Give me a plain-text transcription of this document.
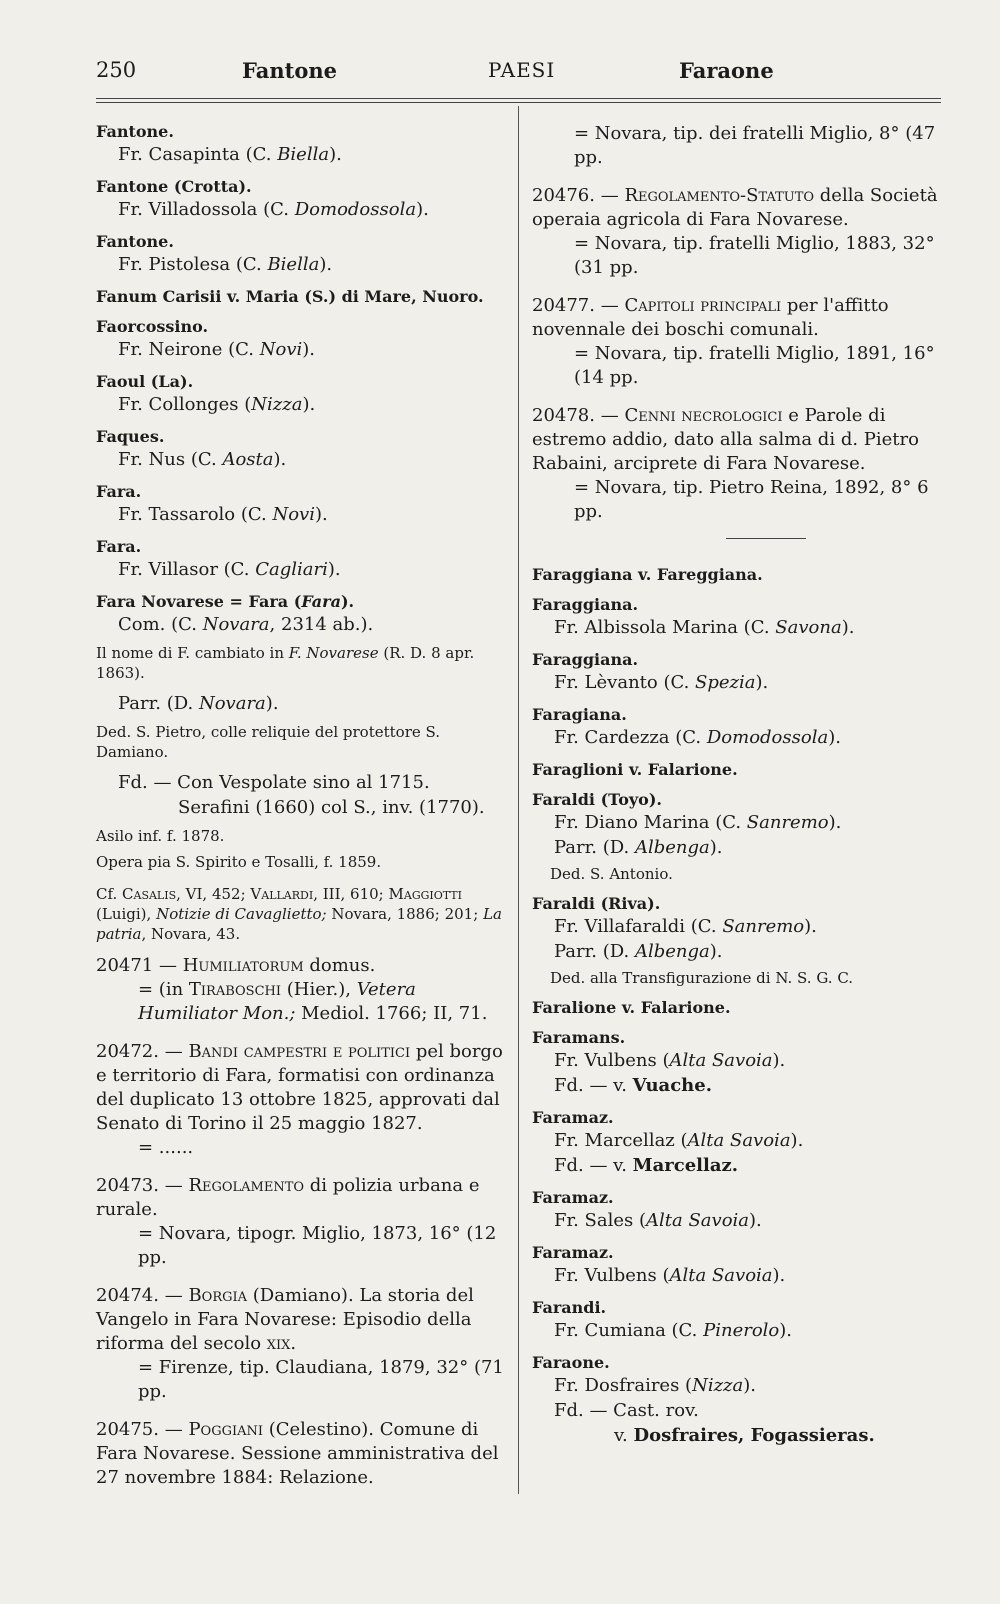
250	Fantone	PAESI	Faraone
Fantone.
Fr. Casapinta (C. Biella).
Fantone (Crotta).
Fr. Villadossola (C. Domodossola).
Fantone.
Fr. Pistolesa (C. Biella).
Fanum Carisii v. Maria (S.) di Mare, Nuoro.
Faorcossino.
Fr. Neirone (C. Novi).
Faoul (La).
Fr. Collonges (Nizza).
Faques.
Fr. Nus (C. Aosta).
Fara.
Fr. Tassarolo (C. Novi).
Fara.
Fr. Villasor (C. Cagliari).
Fara Novarese = Fara (Fara).
Com. (C. Novara, 2314 ab.).
Il nome di F. cambiato in F. Novarese (R. D. 8 apr. 1863).
Parr. (D. Novara).
Ded. S. Pietro, colle reliquie del protettore S. Damiano.
Fd. — Con Vespolate sino al 1715.
Serafini (1660) col S., inv. (1770).
Asilo inf. f. 1878.
Opera pia S. Spirito e Tosalli, f. 1859.
Cf. Casalis, VI, 452; Vallardi, III, 610; Maggiotti (Luigi), Notizie di Cavaglietto; Novara, 1886; 201; La patria, Novara, 43.
20471 — Humiliatorum domus.
= (in Tiraboschi (Hier.), Vetera Humiliator Mon.; Mediol. 1766; II, 71.
20472. — Bandi campestri e politici pel borgo e territorio di Fara, formatisi con ordinanza del duplicato 13 ottobre 1825, approvati dal Senato di Torino il 25 maggio 1827.
= ......
20473. — Regolamento di polizia urbana e rurale.
= Novara, tipogr. Miglio, 1873, 16° (12 pp.
20474. — Borgia (Damiano). La storia del Vangelo in Fara Novarese: Episodio della riforma del secolo xix.
= Firenze, tip. Claudiana, 1879, 32° (71 pp.
20475. — Poggiani (Celestino). Comune di Fara Novarese. Sessione amministrativa del 27 novembre 1884: Relazione.
= Novara, tip. dei fratelli Miglio, 8° (47 pp.
20476. — Regolamento-Statuto della Società operaia agricola di Fara Novarese.
= Novara, tip. fratelli Miglio, 1883, 32° (31 pp.
20477. — Capitoli principali per l'affitto novennale dei boschi comunali.
= Novara, tip. fratelli Miglio, 1891, 16° (14 pp.
20478. — Cenni necrologici e Parole di estremo addio, dato alla salma di d. Pietro Rabaini, arciprete di Fara Novarese.
= Novara, tip. Pietro Reina, 1892, 8° 6 pp.
Faraggiana v. Fareggiana.
Faraggiana.
Fr. Albissola Marina (C. Savona).
Faraggiana.
Fr. Lèvanto (C. Spezia).
Faragiana.
Fr. Cardezza (C. Domodossola).
Faraglioni v. Falarione.
Faraldi (Toyo).
Fr. Diano Marina (C. Sanremo).
Parr. (D. Albenga).
Ded. S. Antonio.
Faraldi (Riva).
Fr. Villafaraldi (C. Sanremo).
Parr. (D. Albenga).
Ded. alla Transfigurazione di N. S. G. C.
Faralione v. Falarione.
Faramans.
Fr. Vulbens (Alta Savoia).
Fd. — v. Vuache.
Faramaz.
Fr. Marcellaz (Alta Savoia).
Fd. — v. Marcellaz.
Faramaz.
Fr. Sales (Alta Savoia).
Faramaz.
Fr. Vulbens (Alta Savoia).
Farandi.
Fr. Cumiana (C. Pinerolo).
Faraone.
Fr. Dosfraires (Nizza).
Fd. — Cast. rov.
v. Dosfraires, Fogassieras.
